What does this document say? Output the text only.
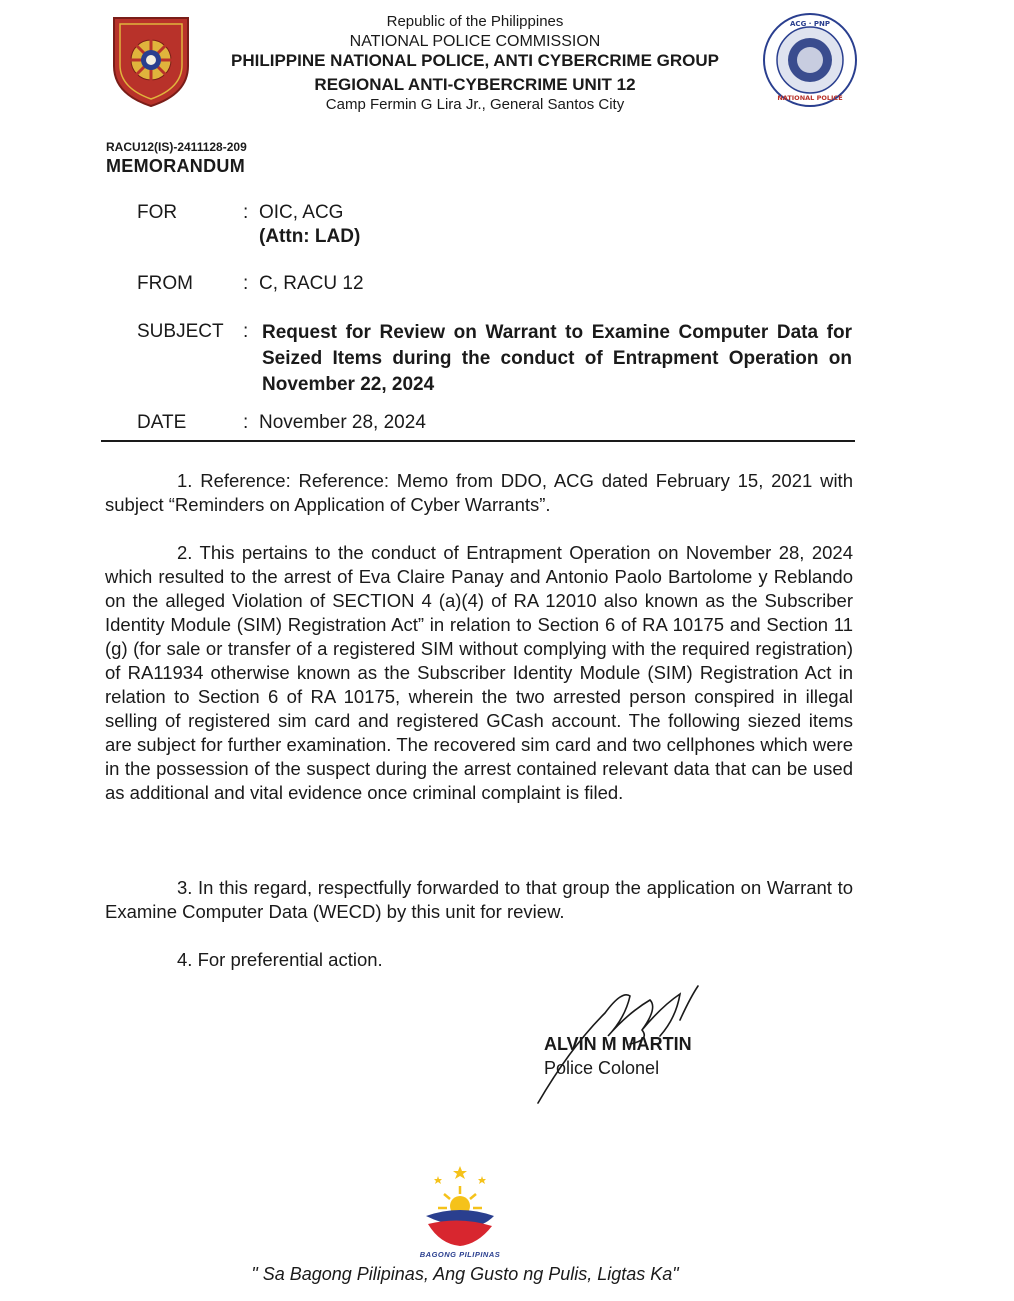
Republic of the Philippines
NATIONAL POLICE COMMISSION
PHILIPPINE NATIONAL POLICE, ANTI CYBERCRIME GROUP
REGIONAL ANTI-CYBERCRIME UNIT 12
Camp Fermin G Lira Jr., General Santos City
ACG · PNP
NATIONAL POLICE
RACU12(IS)-2411128-209
MEMORANDUM
FOR	: OIC, ACG
(Attn: LAD)
FROM	: C, RACU 12
SUBJECT : Request for Review on Warrant to Examine Computer Data for Seized Items during the conduct of Entrapment Operation on November 22, 2024
DATE	: November 28, 2024
1. Reference: Reference: Memo from DDO, ACG dated February 15, 2021 with subject “Reminders on Application of Cyber Warrants”.
2. This pertains to the conduct of Entrapment Operation on November 28, 2024 which resulted to the arrest of Eva Claire Panay and Antonio Paolo Bartolome y Reblando on the alleged Violation of SECTION 4 (a)(4) of RA 12010 also known as the Subscriber Identity Module (SIM) Registration Act” in relation to Section 6 of RA 10175 and Section 11 (g) (for sale or transfer of a registered SIM without complying with the required registration) of RA11934 otherwise known as the Subscriber Identity Module (SIM) Registration Act in relation to Section 6 of RA 10175, wherein the two arrested person conspired in illegal selling of registered sim card and registered GCash account. The following siezed items are subject for further examination. The recovered sim card and two cellphones which were in the possession of the suspect during the arrest contained relevant data that can be used as additional and vital evidence once criminal complaint is filed.
3. In this regard, respectfully forwarded to that group the application on Warrant to Examine Computer Data (WECD) by this unit for review.
4. For preferential action.
ALVIN M MARTIN
Police Colonel
BAGONG PILIPINAS
" Sa Bagong Pilipinas, Ang Gusto ng Pulis, Ligtas Ka"
